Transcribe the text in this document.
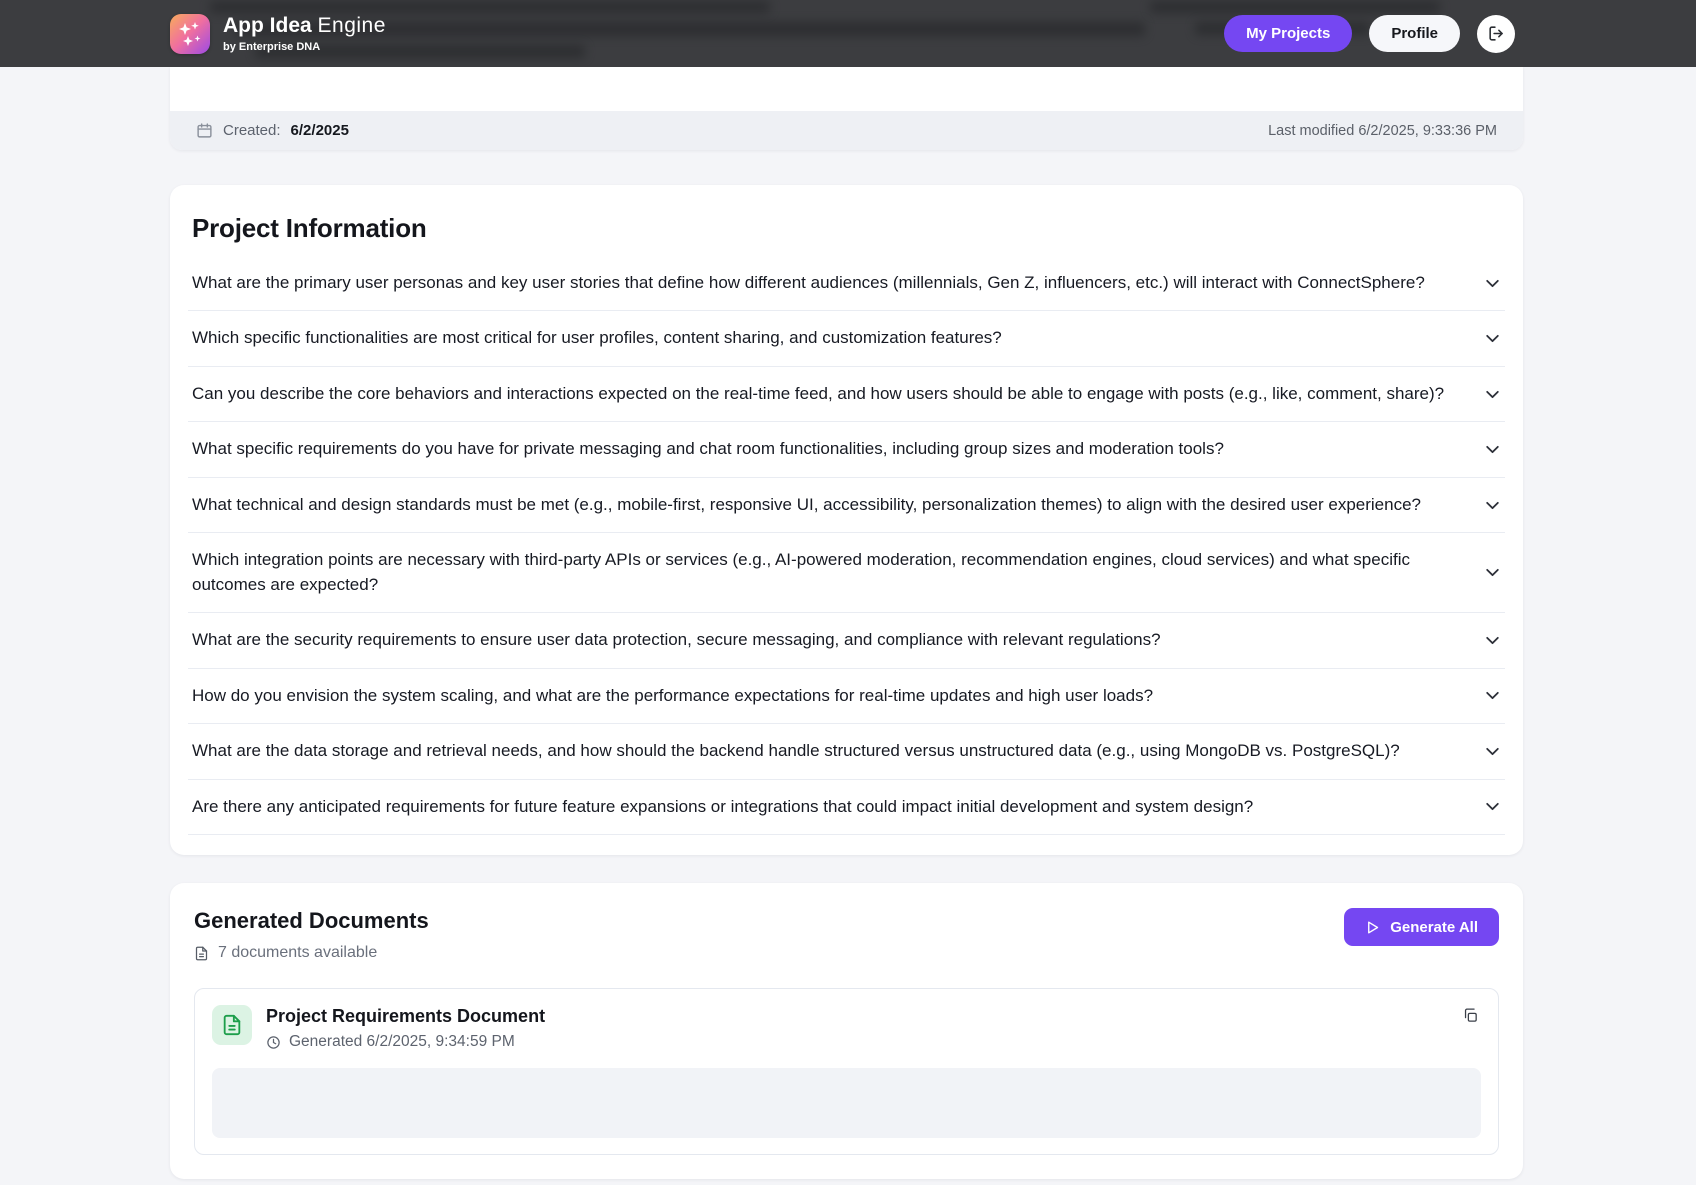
App Idea Engine
by Enterprise DNA
My Projects	Profile
Created: 6/2/2025	Last modified 6/2/2025, 9:33:36 PM
Project Information
What are the primary user personas and key user stories that define how different audiences (millennials, Gen Z, influencers, etc.) will interact with ConnectSphere?
Which specific functionalities are most critical for user profiles, content sharing, and customization features?
Can you describe the core behaviors and interactions expected on the real-time feed, and how users should be able to engage with posts (e.g., like, comment, share)?
What specific requirements do you have for private messaging and chat room functionalities, including group sizes and moderation tools?
What technical and design standards must be met (e.g., mobile-first, responsive UI, accessibility, personalization themes) to align with the desired user experience?
Which integration points are necessary with third-party APIs or services (e.g., AI-powered moderation, recommendation engines, cloud services) and what specific outcomes are expected?
What are the security requirements to ensure user data protection, secure messaging, and compliance with relevant regulations?
How do you envision the system scaling, and what are the performance expectations for real-time updates and high user loads?
What are the data storage and retrieval needs, and how should the backend handle structured versus unstructured data (e.g., using MongoDB vs. PostgreSQL)?
Are there any anticipated requirements for future feature expansions or integrations that could impact initial development and system design?
Generated Documents
7 documents available
Generate All
Project Requirements Document
Generated 6/2/2025, 9:34:59 PM
